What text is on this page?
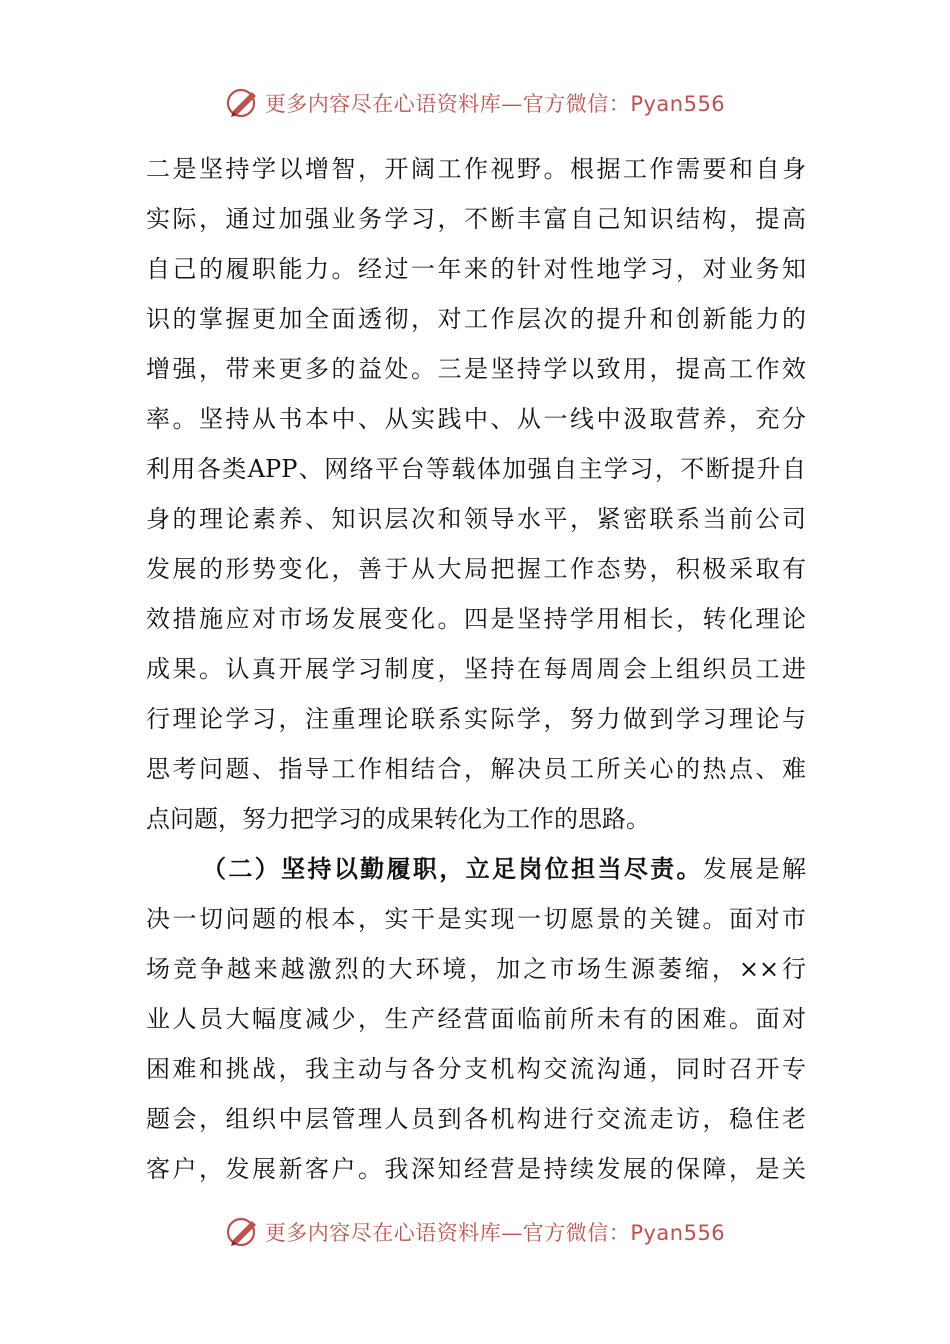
更多内容尽在心语资料库—官方微信：Pyan556
二是坚持学以增智，开阔工作视野。根据工作需要和自身
实际，通过加强业务学习，不断丰富自己知识结构，提高
自己的履职能力。经过一年来的针对性地学习，对业务知
识的掌握更加全面透彻，对工作层次的提升和创新能力的
增强，带来更多的益处。三是坚持学以致用，提高工作效
率。坚持从书本中、从实践中、从一线中汲取营养，充分
利用各类APP、网络平台等载体加强自主学习，不断提升自
身的理论素养、知识层次和领导水平，紧密联系当前公司
发展的形势变化，善于从大局把握工作态势，积极采取有
效措施应对市场发展变化。四是坚持学用相长，转化理论
成果。认真开展学习制度，坚持在每周周会上组织员工进
行理论学习，注重理论联系实际学，努力做到学习理论与
思考问题、指导工作相结合，解决员工所关心的热点、难
点问题，努力把学习的成果转化为工作的思路。
（二）坚持以勤履职，立足岗位担当尽责。发展是解
决一切问题的根本，实干是实现一切愿景的关键。面对市
场竞争越来越激烈的大环境，加之市场生源萎缩，××行
业人员大幅度减少，生产经营面临前所未有的困难。面对
困难和挑战，我主动与各分支机构交流沟通，同时召开专
题会，组织中层管理人员到各机构进行交流走访，稳住老
客户，发展新客户。我深知经营是持续发展的保障，是关
更多内容尽在心语资料库—官方微信：Pyan556
